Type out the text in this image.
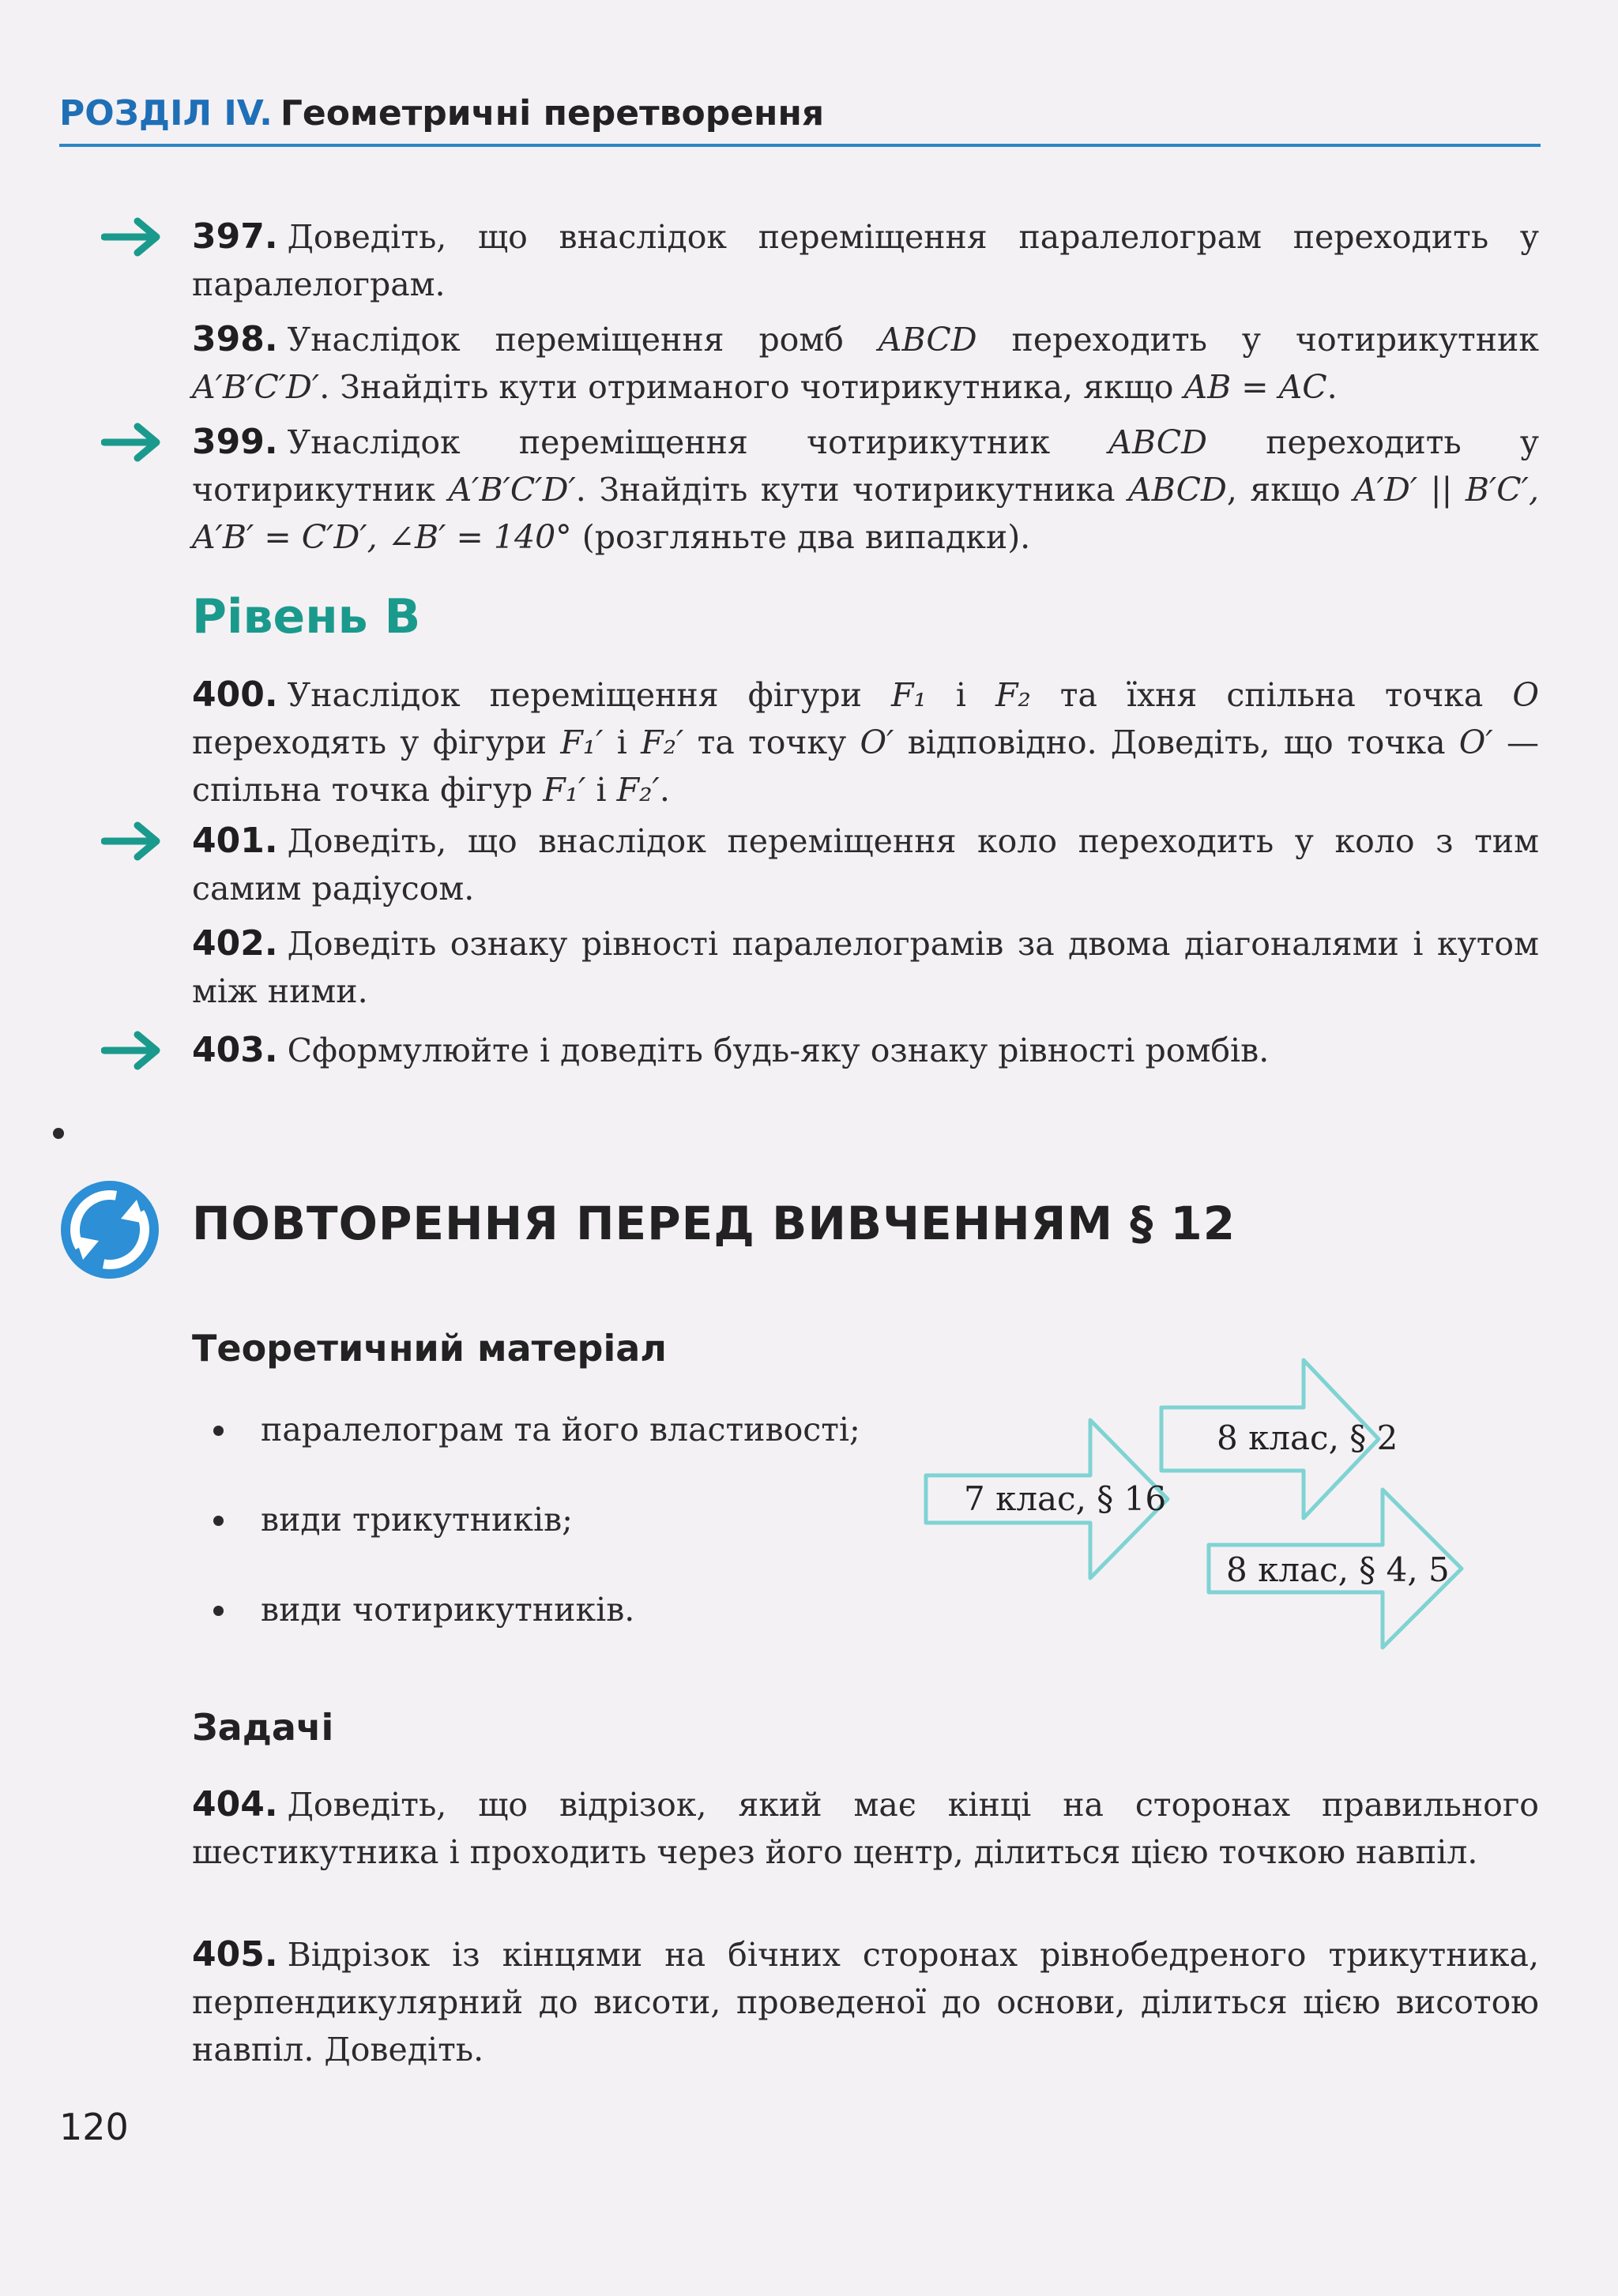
РОЗДІЛ IV. Геометричні перетворення
397. Доведіть, що внаслідок переміщення паралелограм переходить у паралелограм.
398. Унаслідок переміщення ромб ABCD переходить у чотирикутник A′B′C′D′. Знайдіть кути отриманого чотирикутника, якщо AB = AC.
399. Унаслідок переміщення чотирикутник ABCD переходить у чотирикутник A′B′C′D′. Знайдіть кути чотирикутника ABCD, якщо A′D′ || B′C′, A′B′ = C′D′, ∠B′ = 140° (розгляньте два випадки).
Рівень В
400. Унаслідок переміщення фігури F₁ і F₂ та їхня спільна точка O переходять у фігури F₁′ і F₂′ та точку O′ відповідно. Доведіть, що точка O′ — спільна точка фігур F₁′ і F₂′.
401. Доведіть, що внаслідок переміщення коло переходить у коло з тим самим радіусом.
402. Доведіть ознаку рівності паралелограмів за двома діагоналями і кутом між ними.
403. Сформулюйте і доведіть будь-яку ознаку рівності ромбів.
ПОВТОРЕННЯ ПЕРЕД ВИВЧЕННЯМ § 12
Теоретичний матеріал
паралелограм та його властивості;
види трикутників;
види чотирикутників.
8 клас, § 2
7 клас, § 16
8 клас, § 4, 5
Задачі
404. Доведіть, що відрізок, який має кінці на сторонах правильного шестикутника і проходить через його центр, ділиться цією точкою навпіл.
405. Відрізок із кінцями на бічних сторонах рівнобедреного трикутника, перпендикулярний до висоти, проведеної до основи, ділиться цією висотою навпіл. Доведіть.
120
